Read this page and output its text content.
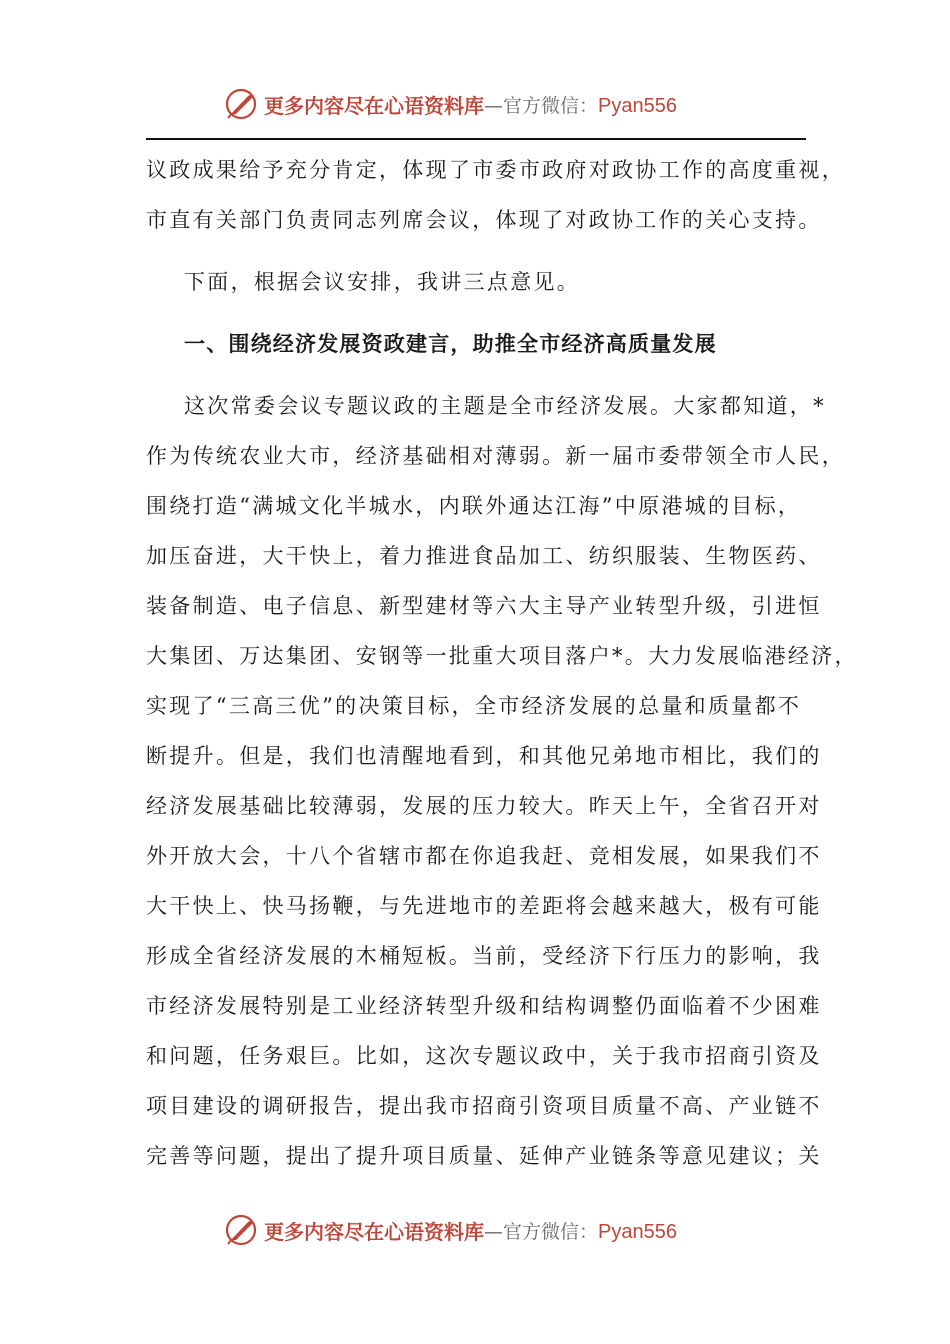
更多内容尽在心语资料库 —官方微信：Pyan556
议政成果给予充分肯定，体现了市委市政府对政协工作的高度重视，
市直有关部门负责同志列席会议，体现了对政协工作的关心支持。
下面，根据会议安排，我讲三点意见。
一、围绕经济发展资政建言，助推全市经济高质量发展
这次常委会议专题议政的主题是全市经济发展。大家都知道，*
作为传统农业大市，经济基础相对薄弱。新一届市委带领全市人民，
围绕打造“满城文化半城水，内联外通达江海”中原港城的目标，
加压奋进，大干快上，着力推进食品加工、纺织服装、生物医药、
装备制造、电子信息、新型建材等六大主导产业转型升级，引进恒
大集团、万达集团、安钢等一批重大项目落户*。大力发展临港经济，
实现了“三高三优”的决策目标，全市经济发展的总量和质量都不
断提升。但是，我们也清醒地看到，和其他兄弟地市相比，我们的
经济发展基础比较薄弱，发展的压力较大。昨天上午，全省召开对
外开放大会，十八个省辖市都在你追我赶、竞相发展，如果我们不
大干快上、快马扬鞭，与先进地市的差距将会越来越大，极有可能
形成全省经济发展的木桶短板。当前，受经济下行压力的影响，我
市经济发展特别是工业经济转型升级和结构调整仍面临着不少困难
和问题，任务艰巨。比如，这次专题议政中，关于我市招商引资及
项目建设的调研报告，提出我市招商引资项目质量不高、产业链不
完善等问题，提出了提升项目质量、延伸产业链条等意见建议；关
更多内容尽在心语资料库 —官方微信：Pyan556
